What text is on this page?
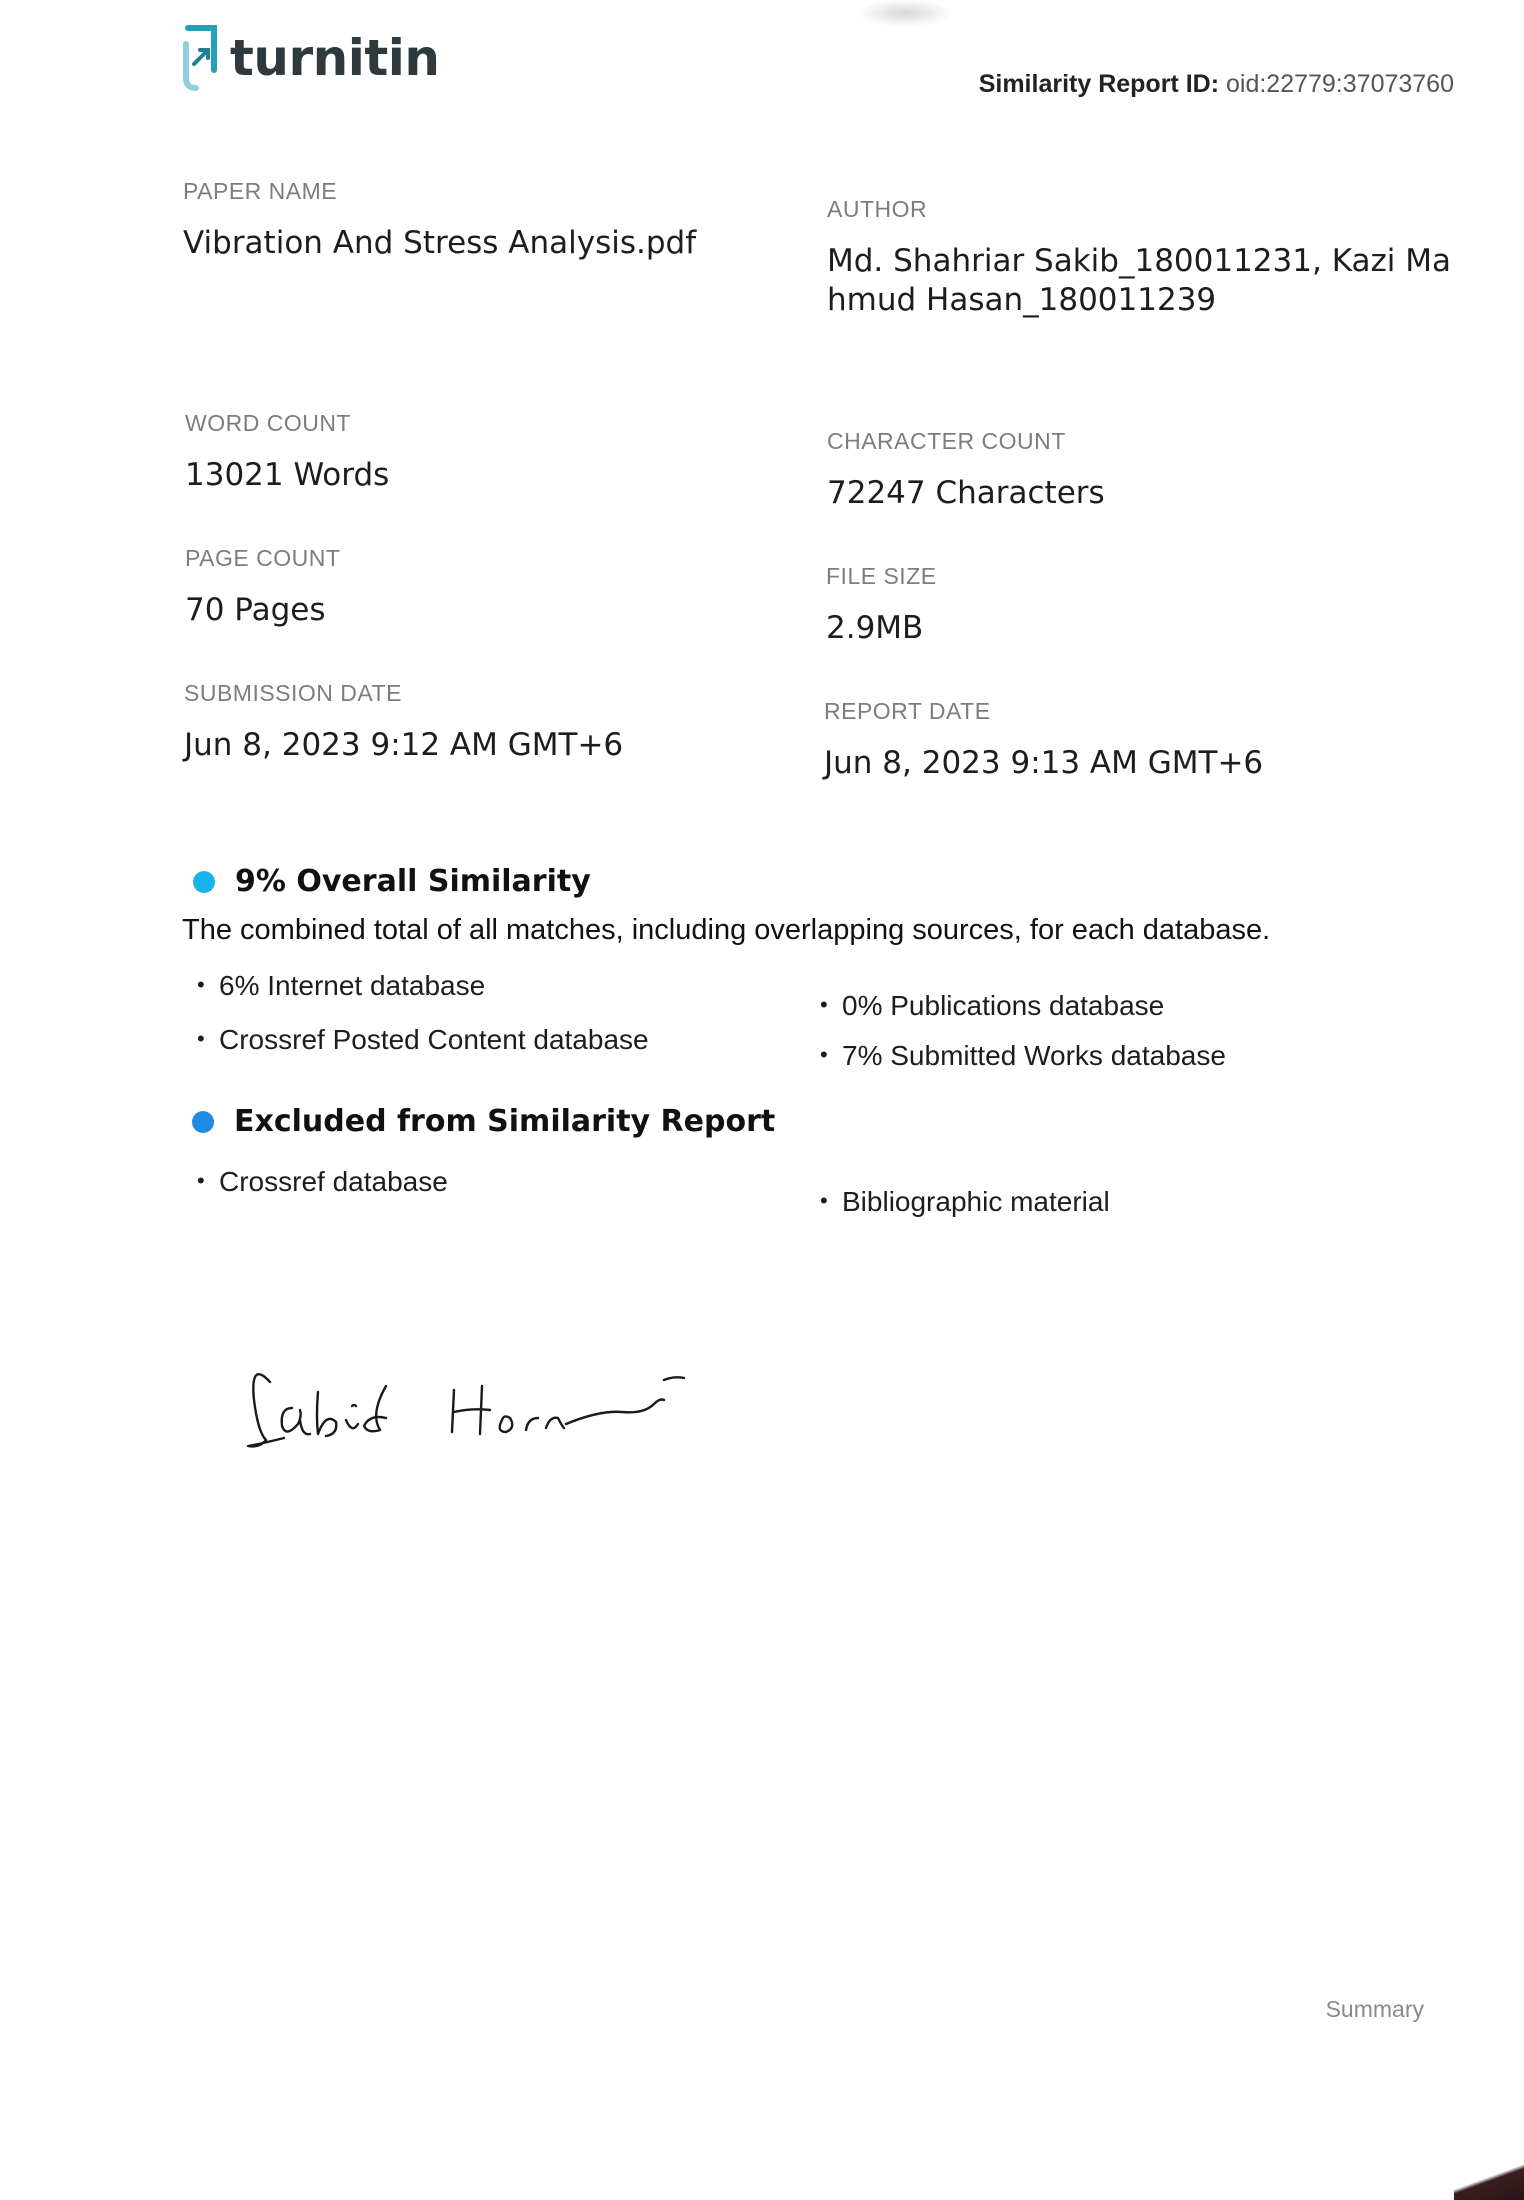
turnitin	Similarity Report ID: oid:22779:37073760
PAPER NAME
Vibration And Stress Analysis.pdf
AUTHOR
Md. Shahriar Sakib_180011231, Kazi Ma
hmud Hasan_180011239
WORD COUNT
13021 Words
CHARACTER COUNT
72247 Characters
PAGE COUNT
70 Pages
FILE SIZE
2.9MB
SUBMISSION DATE
Jun 8, 2023 9:12 AM GMT+6
REPORT DATE
Jun 8, 2023 9:13 AM GMT+6
9% Overall Similarity
The combined total of all matches, including overlapping sources, for each database.
• 6% Internet database
• Crossref Posted Content database
• 0% Publications database
• 7% Submitted Works database
Excluded from Similarity Report
• Crossref database
• Bibliographic material
Summary
